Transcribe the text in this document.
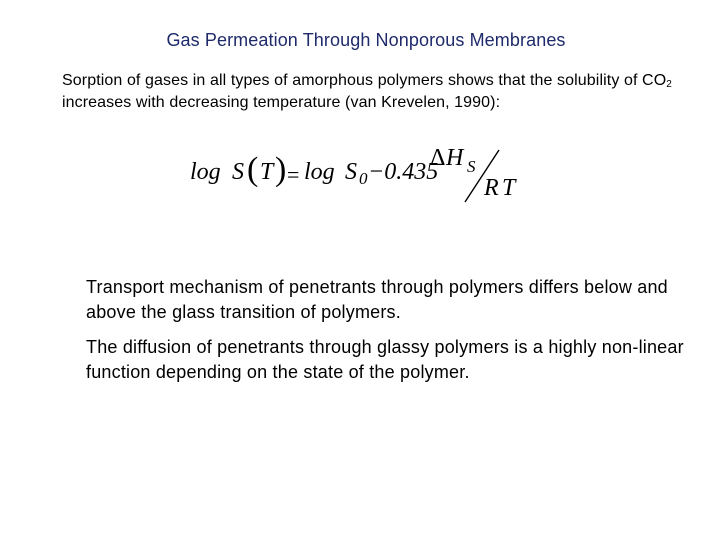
Gas Permeation Through Nonporous Membranes
Sorption of gases in all types of amorphous polymers shows that the solubility of $CO_2$ increases with decreasing temperature (van Krevelen, 1990):
log S ( T ) = log S 0 −0.435
Δ H S
R T
Transport mechanism of penetrants through polymers differs below and above the glass transition of polymers.
The diffusion of penetrants through glassy polymers is a highly non-linear function depending on the state of the polymer.
